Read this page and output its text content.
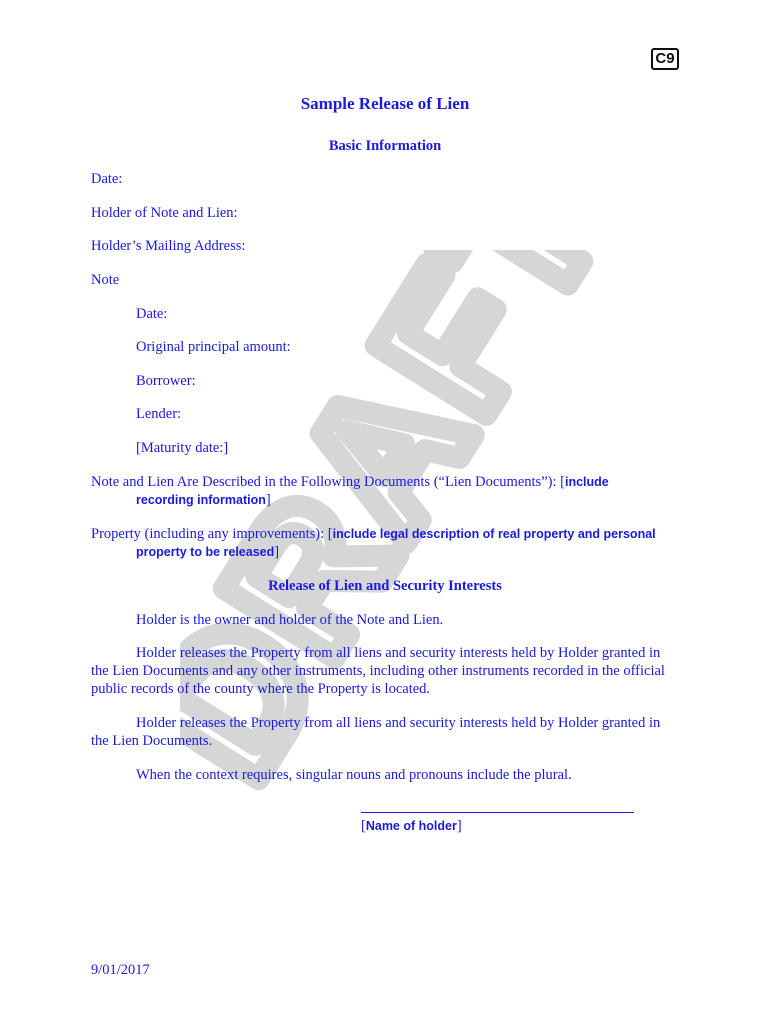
DRAFT
C9
Sample Release of Lien
Basic Information
Date:
Holder of Note and Lien:
Holder’s Mailing Address:
Note
Date:
Original principal amount:
Borrower:
Lender:
[Maturity date:]
Note and Lien Are Described in the Following Documents (“Lien Documents”): [include
recording information]
Property (including any improvements): [include legal description of real property and personal
property to be released]
Release of Lien and Security Interests
Holder is the owner and holder of the Note and Lien.
Holder releases the Property from all liens and security interests held by Holder granted in the Lien Documents and any other instruments, including other instruments recorded in the official public records of the county where the Property is located.
Holder releases the Property from all liens and security interests held by Holder granted in the Lien Documents.
When the context requires, singular nouns and pronouns include the plural.
[Name of holder]
9/01/2017
